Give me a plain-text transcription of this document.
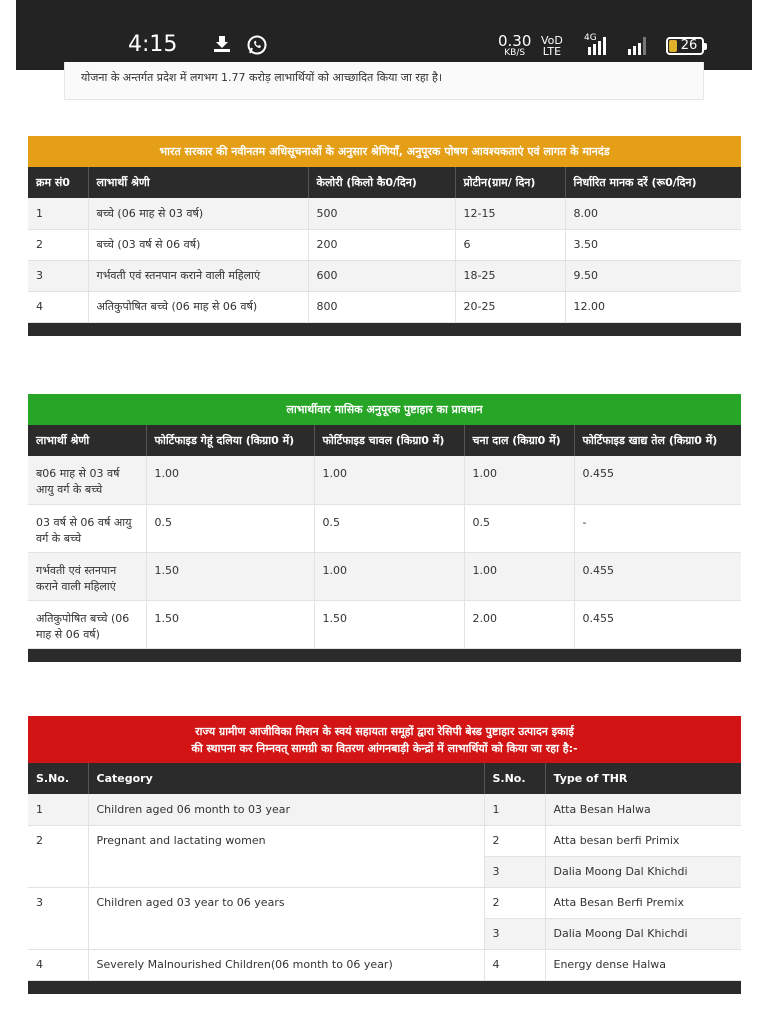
4:15	0.30
KB/S
VoD
LTE
4G	26

योजना के अन्तर्गत प्रदेश में लगभग 1.77 करोड़ लाभार्थियों को आच्छादित किया जा रहा है।

भारत सरकार की नवीनतम अधिसूचनाओं के अनुसार श्रेणियाँ, अनुपूरक पोषण आवश्यकताएं एवं लागत के मानदंड
क्रम सं0	लाभार्थी श्रेणी	केलोरी (किलो कै0/दिन)	प्रोटीन(ग्राम/ दिन)	निर्धारित मानक दरें (रू0/दिन)
1	बच्चे (06 माह से 03 वर्ष)	500	12-15	8.00
2	बच्चे (03 वर्ष से 06 वर्ष)	200	6	3.50
3	गर्भवती एवं स्तनपान कराने वाली महिलाएं	600	18-25	9.50
4	अतिकुपोषित बच्चे (06 माह से 06 वर्ष)	800	20-25	12.00
लाभार्थीवार मासिक अनुपूरक पुष्टाहार का प्रावधान
लाभार्थी श्रेणी	फोर्टिफाइड गेहूं दलिया (किग्रा0 में)	फोर्टिफाइड चावल (किग्रा0 में)	चना दाल (किग्रा0 में)	फोर्टिफाइड खाद्य तेल (किग्रा0 में)
ब06 माह से 03 वर्ष आयु वर्ग के बच्चे	1.00	1.00	1.00	0.455
03 वर्ष से 06 वर्ष आयु वर्ग के बच्चे	0.5	0.5	0.5	-
गर्भवती एवं स्तनपान कराने वाली महिलाएं	1.50	1.00	1.00	0.455
अतिकुपोषित बच्चे (06 माह से 06 वर्ष)	1.50	1.50	2.00	0.455
राज्य ग्रामीण आजीविका मिशन के स्वयं सहायता समूहों द्वारा रेसिपी बेस्ड पुष्टाहार उत्पादन इकाई
की स्थापना कर निम्नवत् सामग्री का वितरण आंगनबाड़ी केन्द्रों में लाभार्थियों को किया जा रहा है:-
S.No.	Category	S.No.	Type of THR
1	Children aged 06 month to 03 year	1	Atta Besan Halwa
2	Pregnant and lactating women	2	Atta besan berfi Primix
		3	Dalia Moong Dal Khichdi
3	Children aged 03 year to 06 years	2	Atta Besan Berfi Premix
		3	Dalia Moong Dal Khichdi
4	Severely Malnourished Children(06 month to 06 year)	4	Energy dense Halwa
